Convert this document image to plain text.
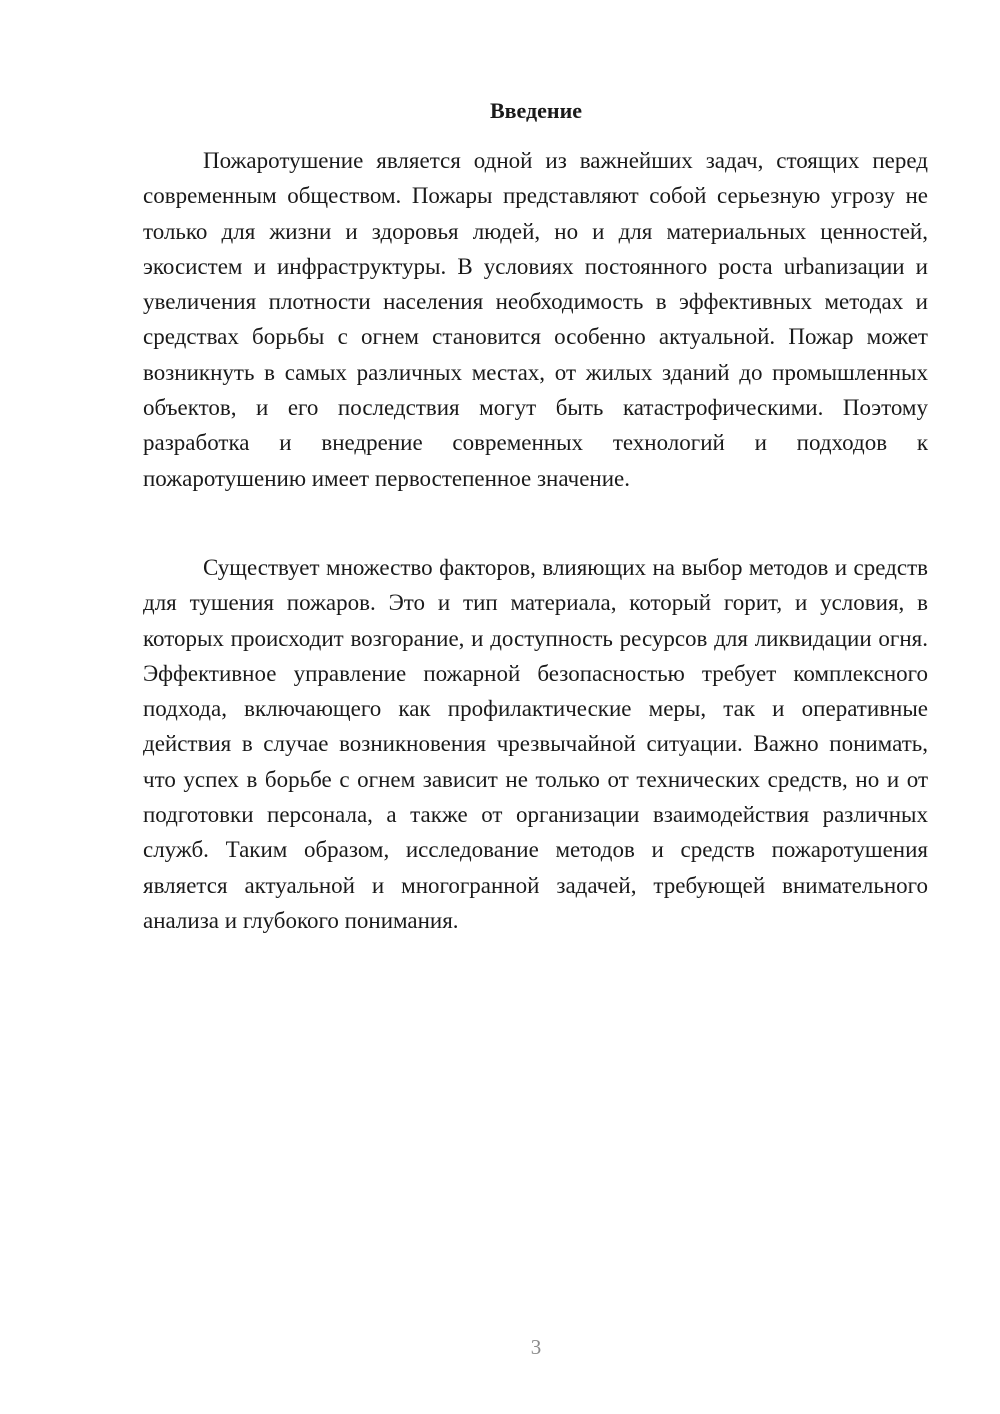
Введение

Пожаротушение является одной из важнейших задач, стоящих перед современным обществом. Пожары представляют собой серьезную угрозу не только для жизни и здоровья людей, но и для материальных ценностей, экосистем и инфраструктуры. В условиях постоянного роста urbanизации и увеличения плотности населения необходимость в эффективных методах и средствах борьбы с огнем становится особенно актуальной. Пожар может возникнуть в самых различных местах, от жилых зданий до промышленных объектов, и его последствия могут быть катастрофическими. Поэтому разработка и внедрение современных технологий и подходов к пожаротушению имеет первостепенное значение.

Существует множество факторов, влияющих на выбор методов и средств для тушения пожаров. Это и тип материала, который горит, и условия, в которых происходит возгорание, и доступность ресурсов для ликвидации огня. Эффективное управление пожарной безопасностью требует комплексного подхода, включающего как профилактические меры, так и оперативные действия в случае возникновения чрезвычайной ситуации. Важно понимать, что успех в борьбе с огнем зависит не только от технических средств, но и от подготовки персонала, а также от организации взаимодействия различных служб. Таким образом, исследование методов и средств пожаротушения является актуальной и многогранной задачей, требующей внимательного анализа и глубокого понимания.

3
